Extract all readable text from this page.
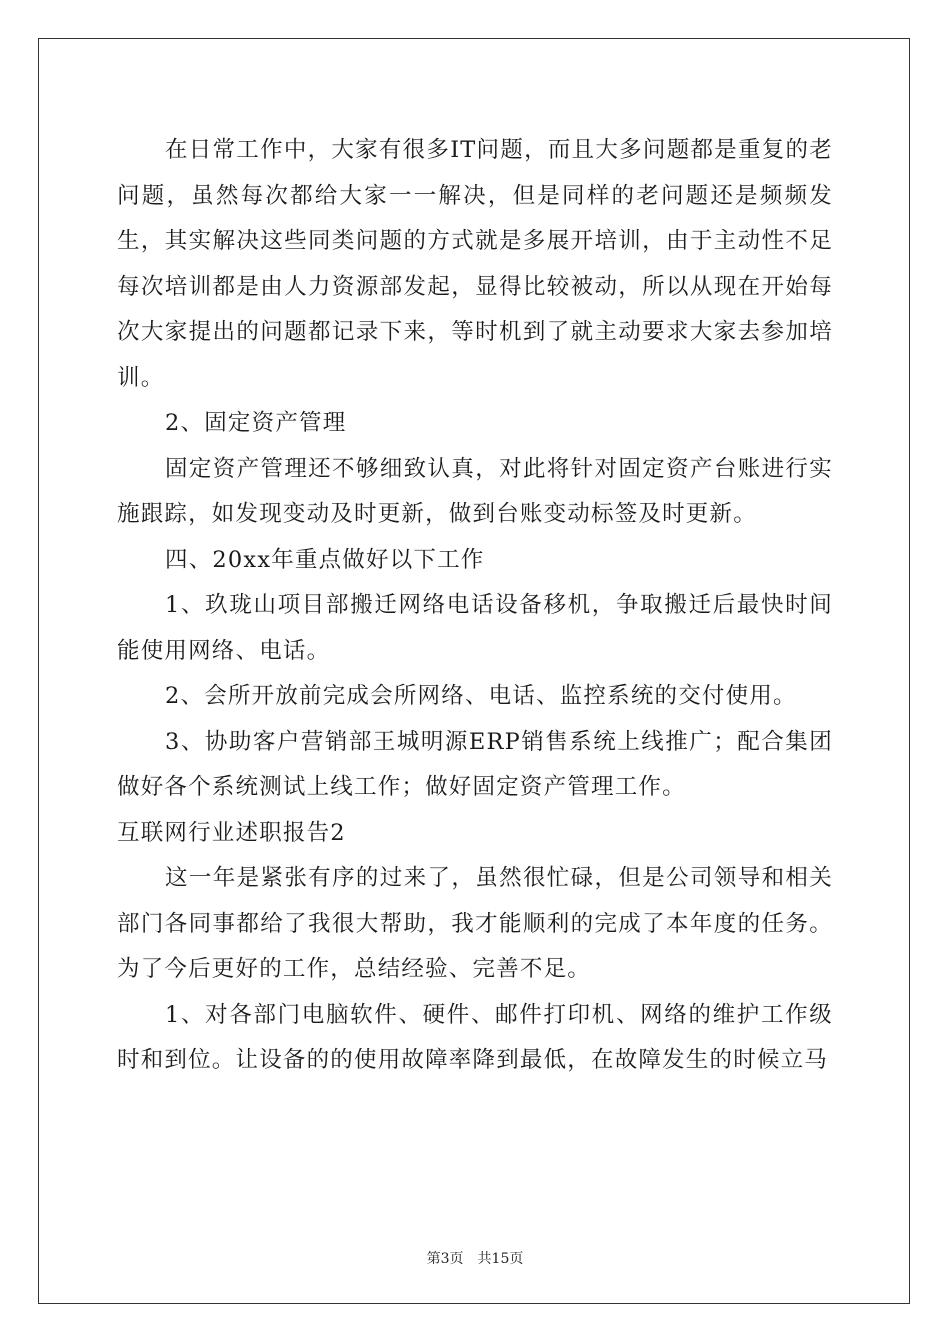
在日常工作中，大家有很多IT问题，而且大多问题都是重复的老问题，虽然每次都给大家一一解决，但是同样的老问题还是频频发生，其实解决这些同类问题的方式就是多展开培训，由于主动性不足每次培训都是由人力资源部发起，显得比较被动，所以从现在开始每次大家提出的问题都记录下来，等时机到了就主动要求大家去参加培训。

2、固定资产管理

固定资产管理还不够细致认真，对此将针对固定资产台账进行实施跟踪，如发现变动及时更新，做到台账变动标签及时更新。

四、20xx年重点做好以下工作

1、玖珑山项目部搬迁网络电话设备移机，争取搬迁后最快时间能使用网络、电话。

2、会所开放前完成会所网络、电话、监控系统的交付使用。

3、协助客户营销部王城明源ERP销售系统上线推广；配合集团做好各个系统测试上线工作；做好固定资产管理工作。

互联网行业述职报告2

这一年是紧张有序的过来了，虽然很忙碌，但是公司领导和相关部门各同事都给了我很大帮助，我才能顺利的完成了本年度的任务。为了今后更好的工作，总结经验、完善不足。

1、对各部门电脑软件、硬件、邮件打印机、网络的维护工作级时和到位。让设备的的使用故障率降到最低，在故障发生的时候立马

第3页 共15页
